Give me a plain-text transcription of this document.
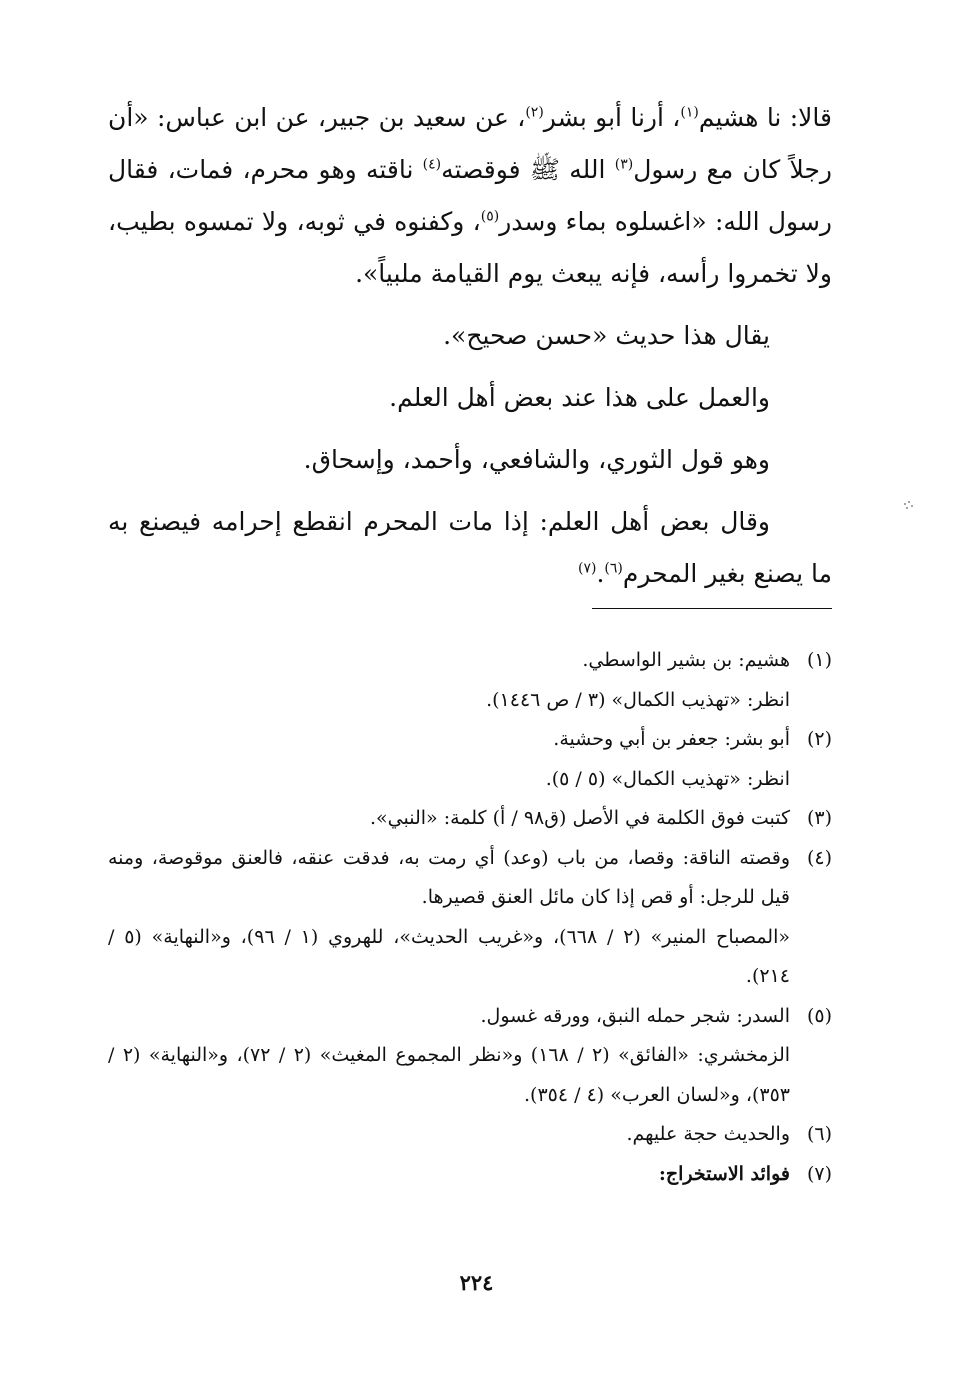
قالا: نا هشيم$^{(١)}$، أرنا أبو بشر$^{(٢)}$، عن سعيد بن جبير، عن ابن عباس: «أن رجلاً كان مع رسول$^{(٣)}$ الله ﷺ فوقصته$^{(٤)}$ ناقته وهو محرم، فمات، فقال رسول الله: «اغسلوه بماء وسدر$^{(٥)}$، وكفنوه في ثوبه، ولا تمسوه بطيب، ولا تخمروا رأسه، فإنه يبعث يوم القيامة ملبياً».

يقال هذا حديث «حسن صحيح».

والعمل على هذا عند بعض أهل العلم.

وهو قول الثوري، والشافعي، وأحمد، وإسحاق.

وقال بعض أهل العلم: إذا مات المحرم انقطع إحرامه فيصنع به ما يصنع بغير المحرم$^{(٦)}$.$^{(٧)}$

(١)
هشيم: بن بشير الواسطي.
انظر: «تهذيب الكمال» (٣ / ص ١٤٤٦).
(٢)
أبو بشر: جعفر بن أبي وحشية.
انظر: «تهذيب الكمال» (٥ / ٥).
(٣)
كتبت فوق الكلمة في الأصل (ق٩٨ / أ) كلمة: «النبي».
(٤)
وقصته الناقة: وقصا، من باب (وعد) أي رمت به، فدقت عنقه، فالعنق موقوصة، ومنه قيل للرجل: أو قص إذا كان مائل العنق قصيرها.
«المصباح المنير» (٢ / ٦٦٨)، و«غريب الحديث»، للهروي (١ / ٩٦)، و«النهاية» (٥ / ٢١٤).
(٥)
السدر: شجر حمله النبق، وورقه غسول.
الزمخشري: «الفائق» (٢ / ١٦٨) و«نظر المجموع المغيث» (٢ / ٧٢)، و«النهاية» (٢ / ٣٥٣)، و«لسان العرب» (٤ / ٣٥٤).
(٦)
والحديث حجة عليهم.
(٧)
فوائد الاستخراج:
٢٢٤
